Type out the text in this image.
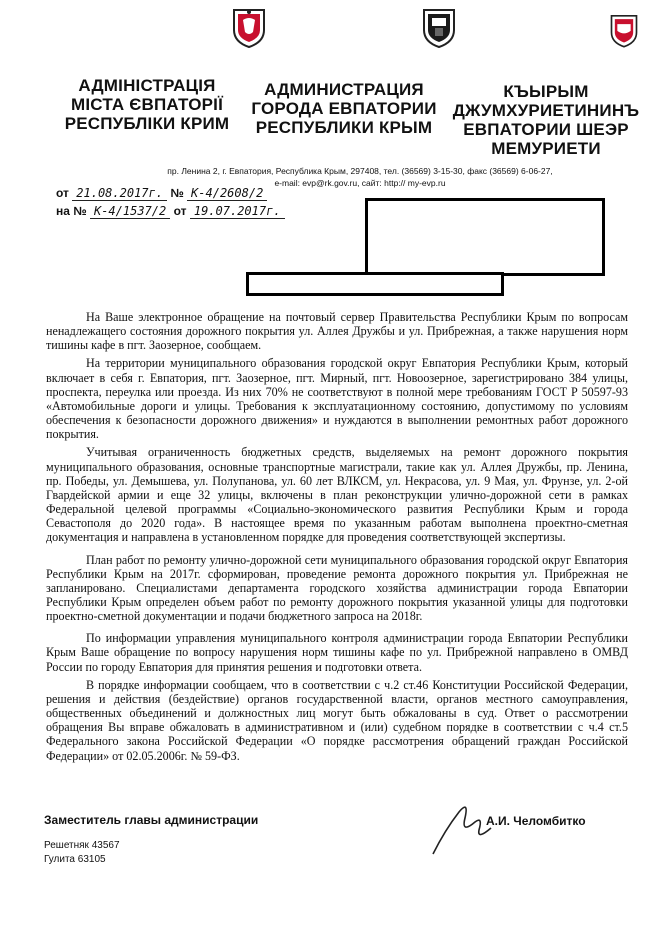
АДМІНІСТРАЦІЯ
МІСТА ЄВПАТОРІЇ
РЕСПУБЛІКИ КРИМ
АДМИНИСТРАЦИЯ
ГОРОДА ЕВПАТОРИИ
РЕСПУБЛИКИ КРЫМ
КЪЫРЫМ
ДЖУМХУРИЕТИНИНЪ
ЕВПАТОРИИ ШЕЭР
МЕМУРИЕТИ
пр. Ленина 2, г. Евпатория, Республика Крым, 297408, тел. (36569) 3-15-30, факс (36569) 6-06-27,
e-mail: evp@rk.gov.ru, сайт: http:// my-evp.ru
от 21.08.2017г. № К-4/2608/2
на № К-4/1537/2 от 19.07.2017г.

На Ваше электронное обращение на почтовый сервер Правительства Республики Крым по вопросам ненадлежащего состояния дорожного покрытия ул. Аллея Дружбы и ул. Прибрежная, а также нарушения норм тишины кафе в пгт. Заозерное, сообщаем.

На территории муниципального образования городской округ Евпатория Республики Крым, который включает в себя г. Евпатория, пгт. Заозерное, пгт. Мирный, пгт. Новоозерное, зарегистрировано 384 улицы, проспекта, переулка или проезда. Из них 70% не соответствуют в полной мере требованиям ГОСТ Р 50597-93 «Автомобильные дороги и улицы. Требования к эксплуатационному состоянию, допустимому по условиям обеспечения к безопасности дорожного движения» и нуждаются в выполнении ремонтных работ дорожного покрытия.

Учитывая ограниченность бюджетных средств, выделяемых на ремонт дорожного покрытия муниципального образования, основные транспортные магистрали, такие как ул. Аллея Дружбы, пр. Ленина, пр. Победы, ул. Демышева, ул. Полупанова, ул. 60 лет ВЛКСМ, ул. Некрасова, ул. 9 Мая, ул. Фрунзе, ул. 2-ой Гвардейской армии и еще 32 улицы, включены в план реконструкции улично-дорожной сети в рамках Федеральной целевой программы «Социально-экономического развития Республики Крым и города Севастополя до 2020 года». В настоящее время по указанным работам выполнена проектно-сметная документация и направлена в установленном порядке для проведения соответствующей экспертизы.

План работ по ремонту улично-дорожной сети муниципального образования городской округ Евпатория Республики Крым на 2017г. сформирован, проведение ремонта дорожного покрытия ул. Прибрежная не запланировано. Специалистами департамента городского хозяйства администрации города Евпатории Республики Крым определен объем работ по ремонту дорожного покрытия указанной улицы для подготовки проектно-сметной документации и подачи бюджетного запроса на 2018г.

По информации управления муниципального контроля администрации города Евпатории Республики Крым Ваше обращение по вопросу нарушения норм тишины кафе по ул. Прибрежной направлено в ОМВД России по городу Евпатория для принятия решения и подготовки ответа.

В порядке информации сообщаем, что в соответствии с ч.2 ст.46 Конституции Российской Федерации, решения и действия (бездействие) органов государственной власти, органов местного самоуправления, общественных объединений и должностных лиц могут быть обжалованы в суд. Ответ о рассмотрении обращения Вы вправе обжаловать в административном и (или) судебном порядке в соответствии с ч.4 ст.5 Федерального закона Российской Федерации «О порядке рассмотрения обращений граждан Российской Федерации» от 02.05.2006г. № 59-ФЗ.

Заместитель главы администрации	А.И. Челомбитко
Решетняк 43567
Гулита 63105
